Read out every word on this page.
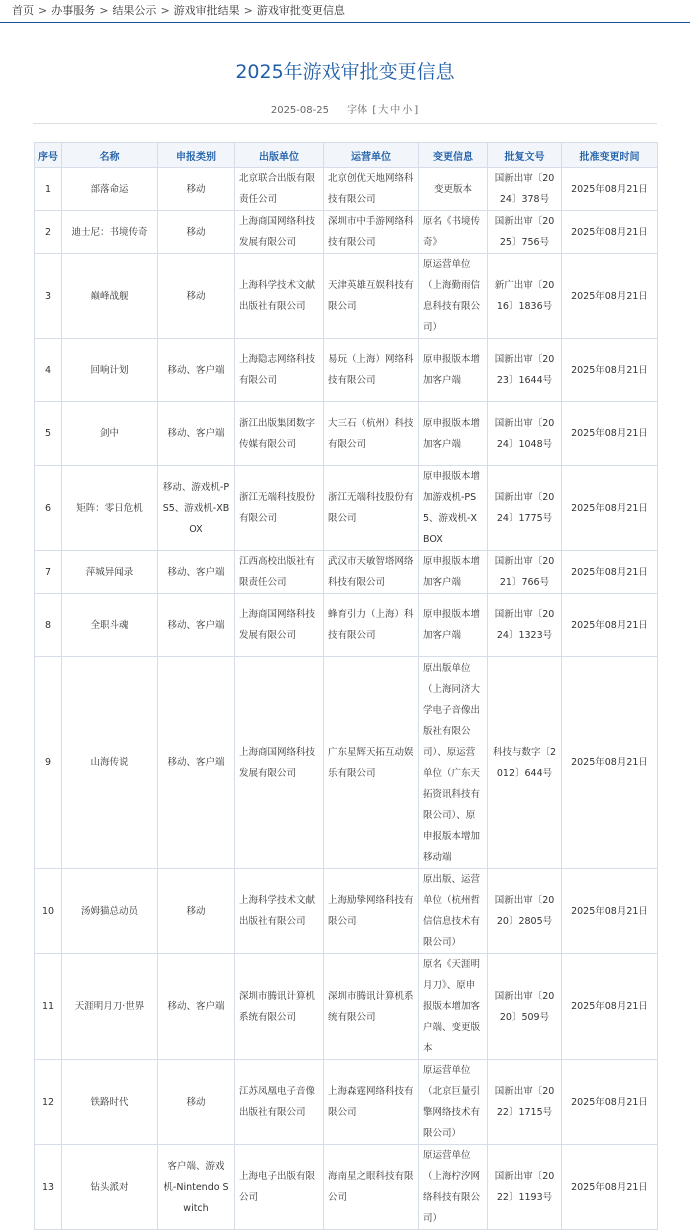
首页 > 办事服务 > 结果公示 > 游戏审批结果 > 游戏审批变更信息
2025年游戏审批变更信息
2025-08-25 字体 [ 大 中 小 ]
序号	名称	申报类别	出版单位	运营单位	变更信息	批复文号	批准变更时间
1	部落命运	移动	北京联合出版有限责任公司	北京创优天地网络科技有限公司	变更版本	国新出审〔2024〕378号	2025年08月21日
2	迪士尼：书境传奇	移动	上海商国网络科技发展有限公司	深圳市中手游网络科技有限公司	原名《书境传奇》	国新出审〔2025〕756号	2025年08月21日
3	巅峰战舰	移动	上海科学技术文献出版社有限公司	天津英雄互娱科技有限公司	原运营单位（上海勤雨信息科技有限公司）	新广出审〔2016〕1836号	2025年08月21日
4	回响计划	移动、客户端	上海隐志网络科技有限公司	易玩（上海）网络科技有限公司	原申报版本增加客户端	国新出审〔2023〕1644号	2025年08月21日
5	剑中	移动、客户端	浙江出版集团数字传媒有限公司	大三石（杭州）科技有限公司	原申报版本增加客户端	国新出审〔2024〕1048号	2025年08月21日
6	矩阵：零日危机	移动、游戏机-PS5、游戏机-XBOX	浙江无端科技股份有限公司	浙江无端科技股份有限公司	原申报版本增加游戏机-PS5、游戏机-XBOX	国新出审〔2024〕1775号	2025年08月21日
7	萍城异闻录	移动、客户端	江西高校出版社有限责任公司	武汉市天敏智塔网络科技有限公司	原申报版本增加客户端	国新出审〔2021〕766号	2025年08月21日
8	全职斗魂	移动、客户端	上海商国网络科技发展有限公司	蜂育引力（上海）科技有限公司	原申报版本增加客户端	国新出审〔2024〕1323号	2025年08月21日
9	山海传说	移动、客户端	上海商国网络科技发展有限公司	广东星辉天拓互动娱乐有限公司	原出版单位（上海同济大学电子音像出版社有限公司）、原运营单位（广东天拓资讯科技有限公司）、原申报版本增加移动端	科技与数字〔2012〕644号	2025年08月21日
10	汤姆猫总动员	移动	上海科学技术文献出版社有限公司	上海励挚网络科技有限公司	原出版、运营单位（杭州哲信信息技术有限公司）	国新出审〔2020〕2805号	2025年08月21日
11	天涯明月刀·世界	移动、客户端	深圳市腾讯计算机系统有限公司	深圳市腾讯计算机系统有限公司	原名《天涯明月刀》、原申报版本增加客户端、变更版本	国新出审〔2020〕509号	2025年08月21日
12	铁路时代	移动	江苏凤凰电子音像出版社有限公司	上海森霆网络科技有限公司	原运营单位（北京巨量引擎网络技术有限公司）	国新出审〔2022〕1715号	2025年08月21日
13	钻头派对	客户端、游戏机-Nintendo Switch	上海电子出版有限公司	海南星之眼科技有限公司	原运营单位（上海柠汐网络科技有限公司）	国新出审〔2022〕1193号	2025年08月21日
